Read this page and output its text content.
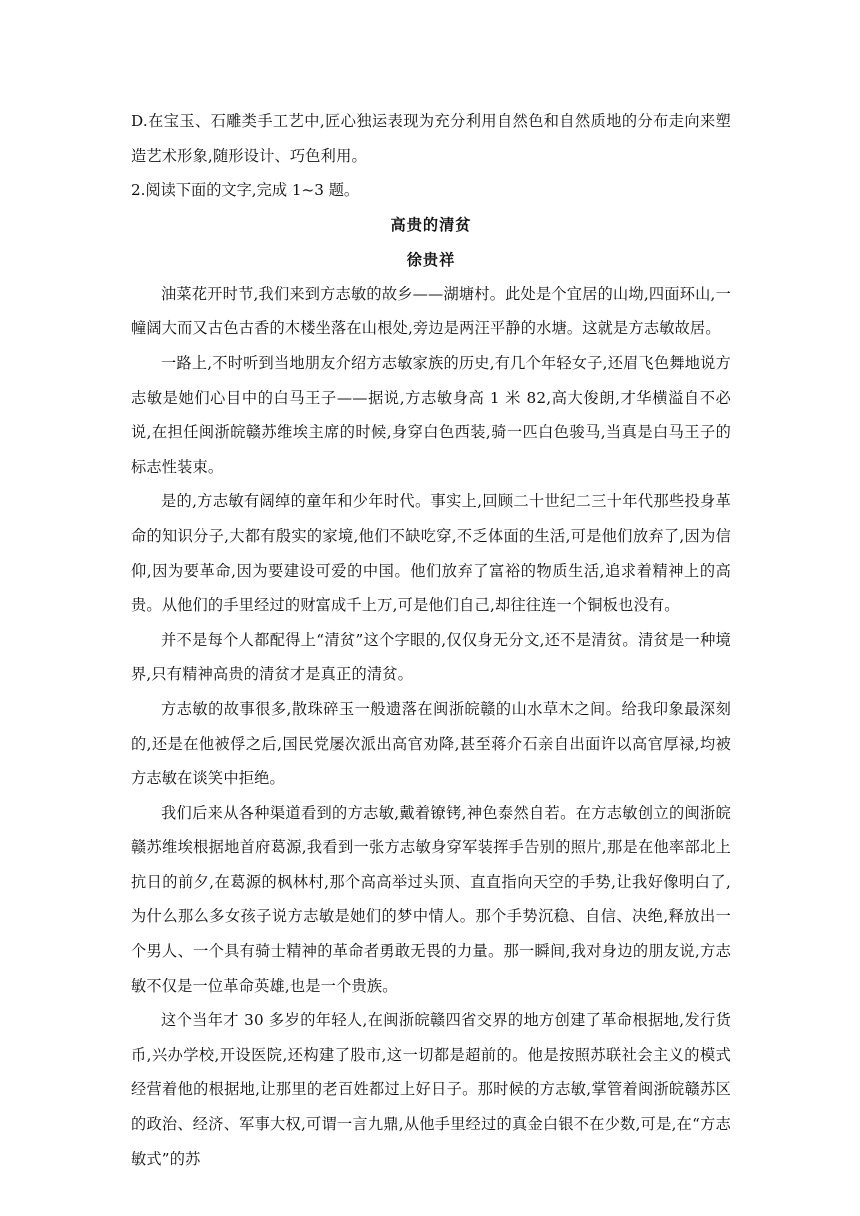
D.在宝玉、石雕类手工艺中,匠心独运表现为充分利用自然色和自然质地的分布走向来塑造艺术形象,随形设计、巧色利用。

2.阅读下面的文字,完成 1~3 题。

高贵的清贫

徐贵祥

油菜花开时节,我们来到方志敏的故乡——湖塘村。此处是个宜居的山坳,四面环山,一幢阔大而又古色古香的木楼坐落在山根处,旁边是两汪平静的水塘。这就是方志敏故居。

一路上,不时听到当地朋友介绍方志敏家族的历史,有几个年轻女子,还眉飞色舞地说方志敏是她们心目中的白马王子——据说,方志敏身高 1 米 82,高大俊朗,才华横溢自不必说,在担任闽浙皖赣苏维埃主席的时候,身穿白色西装,骑一匹白色骏马,当真是白马王子的标志性装束。

是的,方志敏有阔绰的童年和少年时代。事实上,回顾二十世纪二三十年代那些投身革命的知识分子,大都有殷实的家境,他们不缺吃穿,不乏体面的生活,可是他们放弃了,因为信仰,因为要革命,因为要建设可爱的中国。他们放弃了富裕的物质生活,追求着精神上的高贵。从他们的手里经过的财富成千上万,可是他们自己,却往往连一个铜板也没有。

并不是每个人都配得上“清贫”这个字眼的,仅仅身无分文,还不是清贫。清贫是一种境界,只有精神高贵的清贫才是真正的清贫。

方志敏的故事很多,散珠碎玉一般遗落在闽浙皖赣的山水草木之间。给我印象最深刻的,还是在他被俘之后,国民党屡次派出高官劝降,甚至蒋介石亲自出面许以高官厚禄,均被方志敏在谈笑中拒绝。

我们后来从各种渠道看到的方志敏,戴着镣铐,神色泰然自若。在方志敏创立的闽浙皖赣苏维埃根据地首府葛源,我看到一张方志敏身穿军装挥手告别的照片,那是在他率部北上抗日的前夕,在葛源的枫林村,那个高高举过头顶、直直指向天空的手势,让我好像明白了,为什么那么多女孩子说方志敏是她们的梦中情人。那个手势沉稳、自信、决绝,释放出一个男人、一个具有骑士精神的革命者勇敢无畏的力量。那一瞬间,我对身边的朋友说,方志敏不仅是一位革命英雄,也是一个贵族。

这个当年才 30 多岁的年轻人,在闽浙皖赣四省交界的地方创建了革命根据地,发行货币,兴办学校,开设医院,还构建了股市,这一切都是超前的。他是按照苏联社会主义的模式经营着他的根据地,让那里的老百姓都过上好日子。那时候的方志敏,掌管着闽浙皖赣苏区的政治、经济、军事大权,可谓一言九鼎,从他手里经过的真金白银不在少数,可是,在“方志敏式”的苏
